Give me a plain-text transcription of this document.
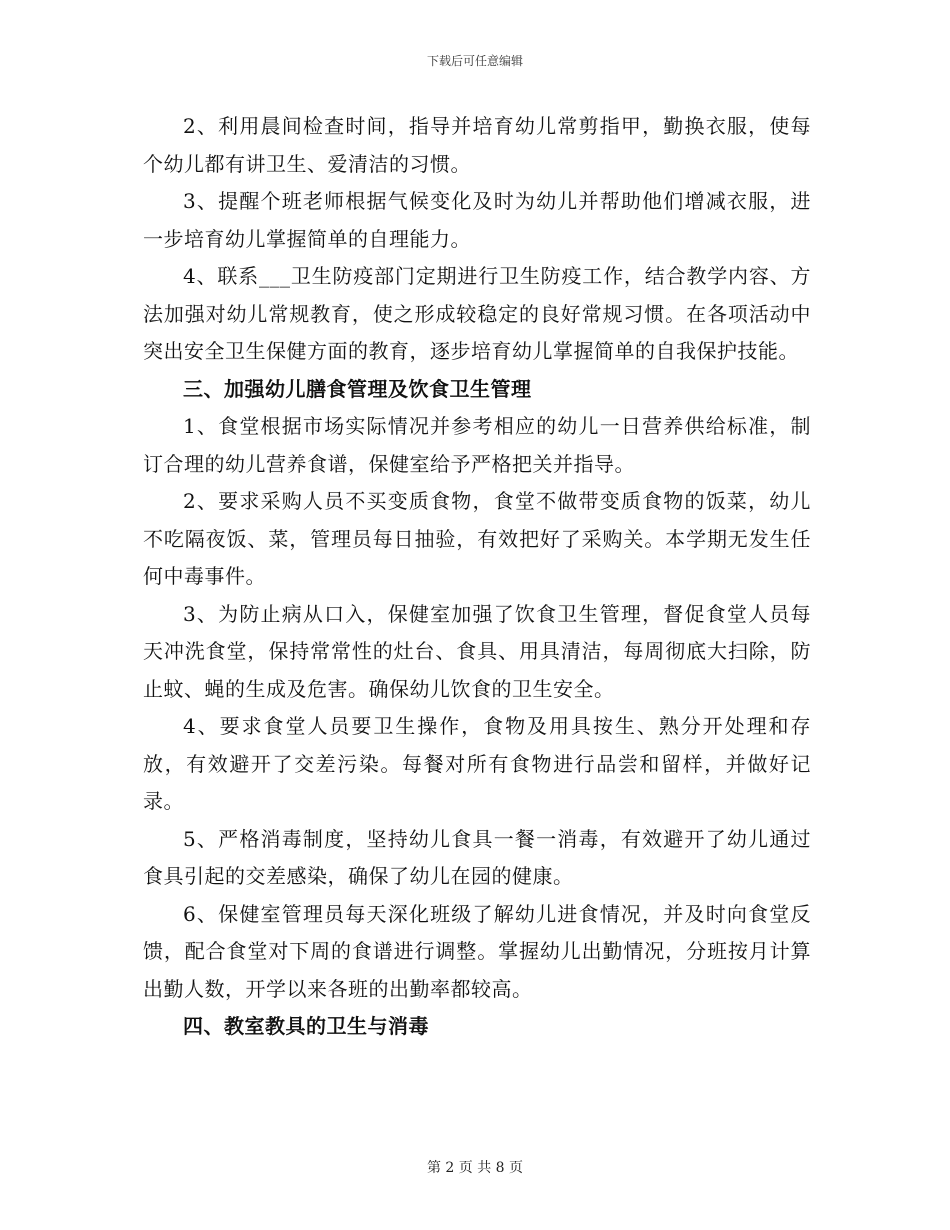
下载后可任意编辑

2、利用晨间检查时间，指导并培育幼儿常剪指甲，勤换衣服，使每个幼儿都有讲卫生、爱清洁的习惯。

3、提醒个班老师根据气候变化及时为幼儿并帮助他们增减衣服，进一步培育幼儿掌握简单的自理能力。

4、联系___卫生防疫部门定期进行卫生防疫工作，结合教学内容、方法加强对幼儿常规教育，使之形成较稳定的良好常规习惯。在各项活动中突出安全卫生保健方面的教育，逐步培育幼儿掌握简单的自我保护技能。

三、加强幼儿膳食管理及饮食卫生管理

1、食堂根据市场实际情况并参考相应的幼儿一日营养供给标准，制订合理的幼儿营养食谱，保健室给予严格把关并指导。

2、要求采购人员不买变质食物，食堂不做带变质食物的饭菜，幼儿不吃隔夜饭、菜，管理员每日抽验，有效把好了采购关。本学期无发生任何中毒事件。

3、为防止病从口入，保健室加强了饮食卫生管理，督促食堂人员每天冲洗食堂，保持常常性的灶台、食具、用具清洁，每周彻底大扫除，防止蚊、蝇的生成及危害。确保幼儿饮食的卫生安全。

4、要求食堂人员要卫生操作，食物及用具按生、熟分开处理和存放，有效避开了交差污染。每餐对所有食物进行品尝和留样，并做好记录。

5、严格消毒制度，坚持幼儿食具一餐一消毒，有效避开了幼儿通过食具引起的交差感染，确保了幼儿在园的健康。

6、保健室管理员每天深化班级了解幼儿进食情况，并及时向食堂反馈，配合食堂对下周的食谱进行调整。掌握幼儿出勤情况，分班按月计算出勤人数，开学以来各班的出勤率都较高。

四、教室教具的卫生与消毒

第 2 页 共 8 页
